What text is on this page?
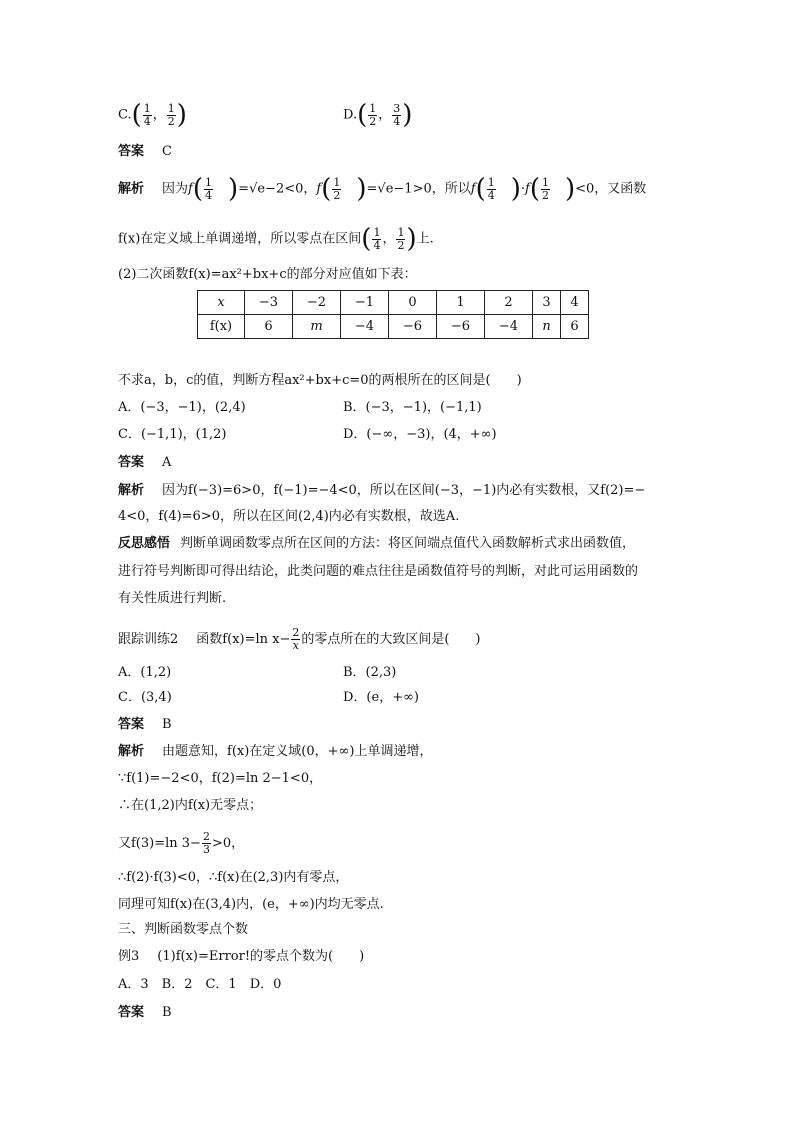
$C.( \frac{1}{4}$ ， $\frac{1}{2}$ )	$D.( \frac{1}{2}$ ， $\frac{3}{4}$ )
答案 C
解析 因为$f( \frac{1}{4} )=√e-2<0$，$f( \frac{1}{2} )=√e-1>0$，所以$f( \frac{1}{4} )\cdot f( \frac{1}{2} )<0$，又函数
f(x)在定义域上单调递增，所以零点在区间( $\frac{1}{4}$ ， $\frac{1}{2}$ )上.
(2)二次函数f(x)=ax²+bx+c的部分对应值如下表：
x	−3	−2	−1	0	1	2	3	4
f(x)	6	m	−4	−6	−6	−4	n	6
不求a，b，c的值，判断方程ax²+bx+c=0的两根所在的区间是(　　)
A．(−3，−1)，(2,4)	B．(−3，−1)，(−1,1)
C．(−1,1)，(1,2)	D．(−∞，−3)，(4，+∞)
答案 A
解析 因为f(−3)=6>0，f(−1)=−4<0，所以在区间(−3，−1)内必有实数根，又f(2)=−
4<0，f(4)=6>0，所以在区间(2,4)内必有实数根，故选A.
反思感悟 判断单调函数零点所在区间的方法：将区间端点值代入函数解析式求出函数值，
进行符号判断即可得出结论，此类问题的难点往往是函数值符号的判断，对此可运用函数的
有关性质进行判断.
跟踪训练2 函数f(x)=ln $x- \frac{2}{x}$ 的零点所在的大致区间是(　　)
A．(1,2)	B．(2,3)
C．(3,4)	D．(e，+∞)
答案 B
解析 由题意知，f(x)在定义域(0，+∞)上单调递增，
∵f(1)=−2<0，f(2)=ln 2−1<0，
∴在(1,2)内f(x)无零点；
又f(3)=ln $3- \frac{2}{3} >0$，
∴f(2)·f(3)<0，∴f(x)在(2,3)内有零点，
同理可知f(x)在(3,4)内，(e，+∞)内均无零点.
三、判断函数零点个数
例3 (1)f(x)=Error!的零点个数为(　　)
A．3　B．2　C．1　D．0
答案 B
